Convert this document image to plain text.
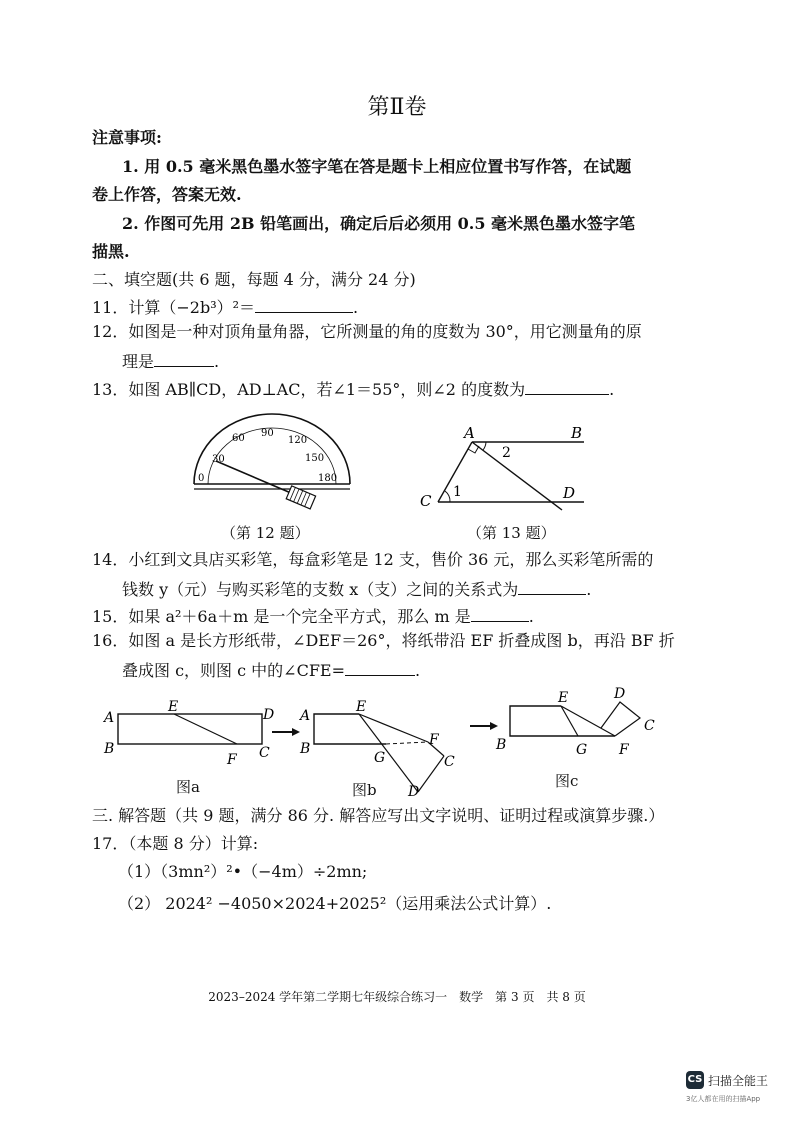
第Ⅱ卷
注意事项:
1. 用 0.5 毫米黑色墨水签字笔在答是题卡上相应位置书写作答，在试题
卷上作答，答案无效.
2. 作图可先用 2B 铅笔画出，确定后后必须用 0.5 毫米黑色墨水签字笔
描黑.
二、填空题(共 6 题，每题 4 分，满分 24 分)
11．计算（−2b³）²＝	.
12．如图是一种对顶角量角器，它所测量的角的度数为 30°，用它测量角的原
理是	.
13．如图 AB∥CD，AD⊥AC，若∠1＝55°，则∠2 的度数为	.
0
30
60 90
120
150
180
（第 12 题）
A	B
C	D
1
2
（第 13 题）
14．小红到文具店买彩笔，每盒彩笔是 12 支，售价 36 元，那么买彩笔所需的
钱数 y（元）与购买彩笔的支数 x（支）之间的关系式为	.
15．如果 a²＋6a＋m 是一个完全平方式，那么 m 是	.
16．如图 a 是长方形纸带，∠DEF＝26°，将纸带沿 EF 折叠成图 b，再沿 BF 折
叠成图 c，则图 c 中的∠CFE=	.
A
E	D
B
F C
A
E
B
G
F
C
D
E	D
C
B	G F
图a	图b	图c
三. 解答题（共 9 题，满分 86 分. 解答应写出文字说明、证明过程或演算步骤.）
17．（本题 8 分）计算:
（1）（3mn²）²•（−4m）÷2mn;
（2） 2024² −4050×2024+2025²（运用乘法公式计算）.
2023–2024 学年第二学期七年级综合练习一　数学　第 3 页　共 8 页
CS 扫描全能王
3亿人都在用的扫描App
